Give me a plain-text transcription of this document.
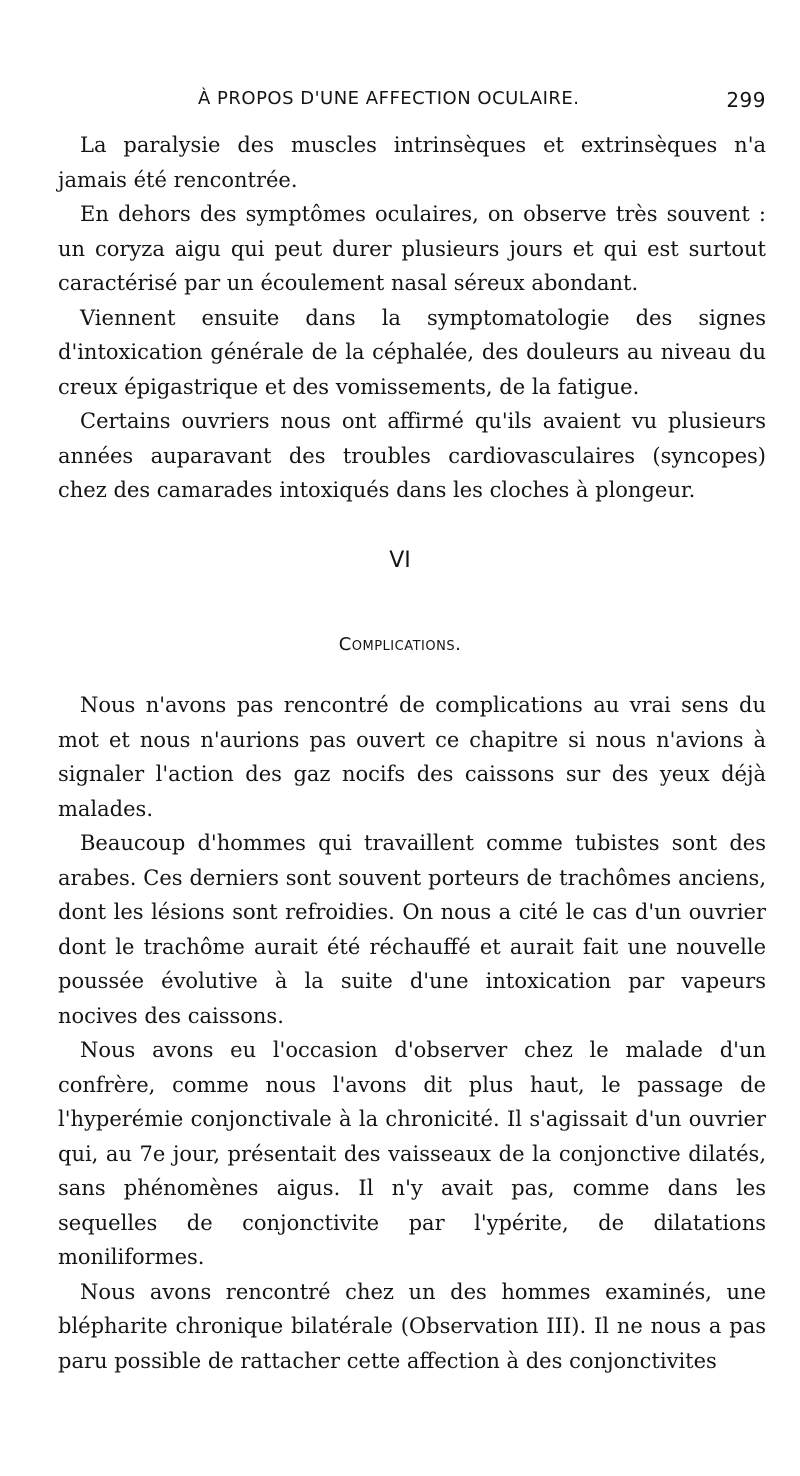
À PROPOS D'UNE AFFECTION OCULAIRE.	299

La paralysie des muscles intrinsèques et extrinsèques n'a jamais été rencontrée.

En dehors des symptômes oculaires, on observe très souvent : un coryza aigu qui peut durer plusieurs jours et qui est surtout caractérisé par un écoulement nasal séreux abondant.

Viennent ensuite dans la symptomatologie des signes d'intoxication générale de la céphalée, des douleurs au niveau du creux épigastrique et des vomissements, de la fatigue.

Certains ouvriers nous ont affirmé qu'ils avaient vu plusieurs années auparavant des troubles cardiovasculaires (syncopes) chez des camarades intoxiqués dans les cloches à plongeur.

VI
Complications.

Nous n'avons pas rencontré de complications au vrai sens du mot et nous n'aurions pas ouvert ce chapitre si nous n'avions à signaler l'action des gaz nocifs des caissons sur des yeux déjà malades.

Beaucoup d'hommes qui travaillent comme tubistes sont des arabes. Ces derniers sont souvent porteurs de trachômes anciens, dont les lésions sont refroidies. On nous a cité le cas d'un ouvrier dont le trachôme aurait été réchauffé et aurait fait une nouvelle poussée évolutive à la suite d'une intoxication par vapeurs nocives des caissons.

Nous avons eu l'occasion d'observer chez le malade d'un confrère, comme nous l'avons dit plus haut, le passage de l'hyperémie conjonctivale à la chronicité. Il s'agissait d'un ouvrier qui, au 7e jour, présentait des vaisseaux de la conjonctive dilatés, sans phénomènes aigus. Il n'y avait pas, comme dans les sequelles de conjonctivite par l'ypérite, de dilatations moniliformes.

Nous avons rencontré chez un des hommes examinés, une blépharite chronique bilatérale (Observation III). Il ne nous a pas paru possible de rattacher cette affection à des conjonctivites
